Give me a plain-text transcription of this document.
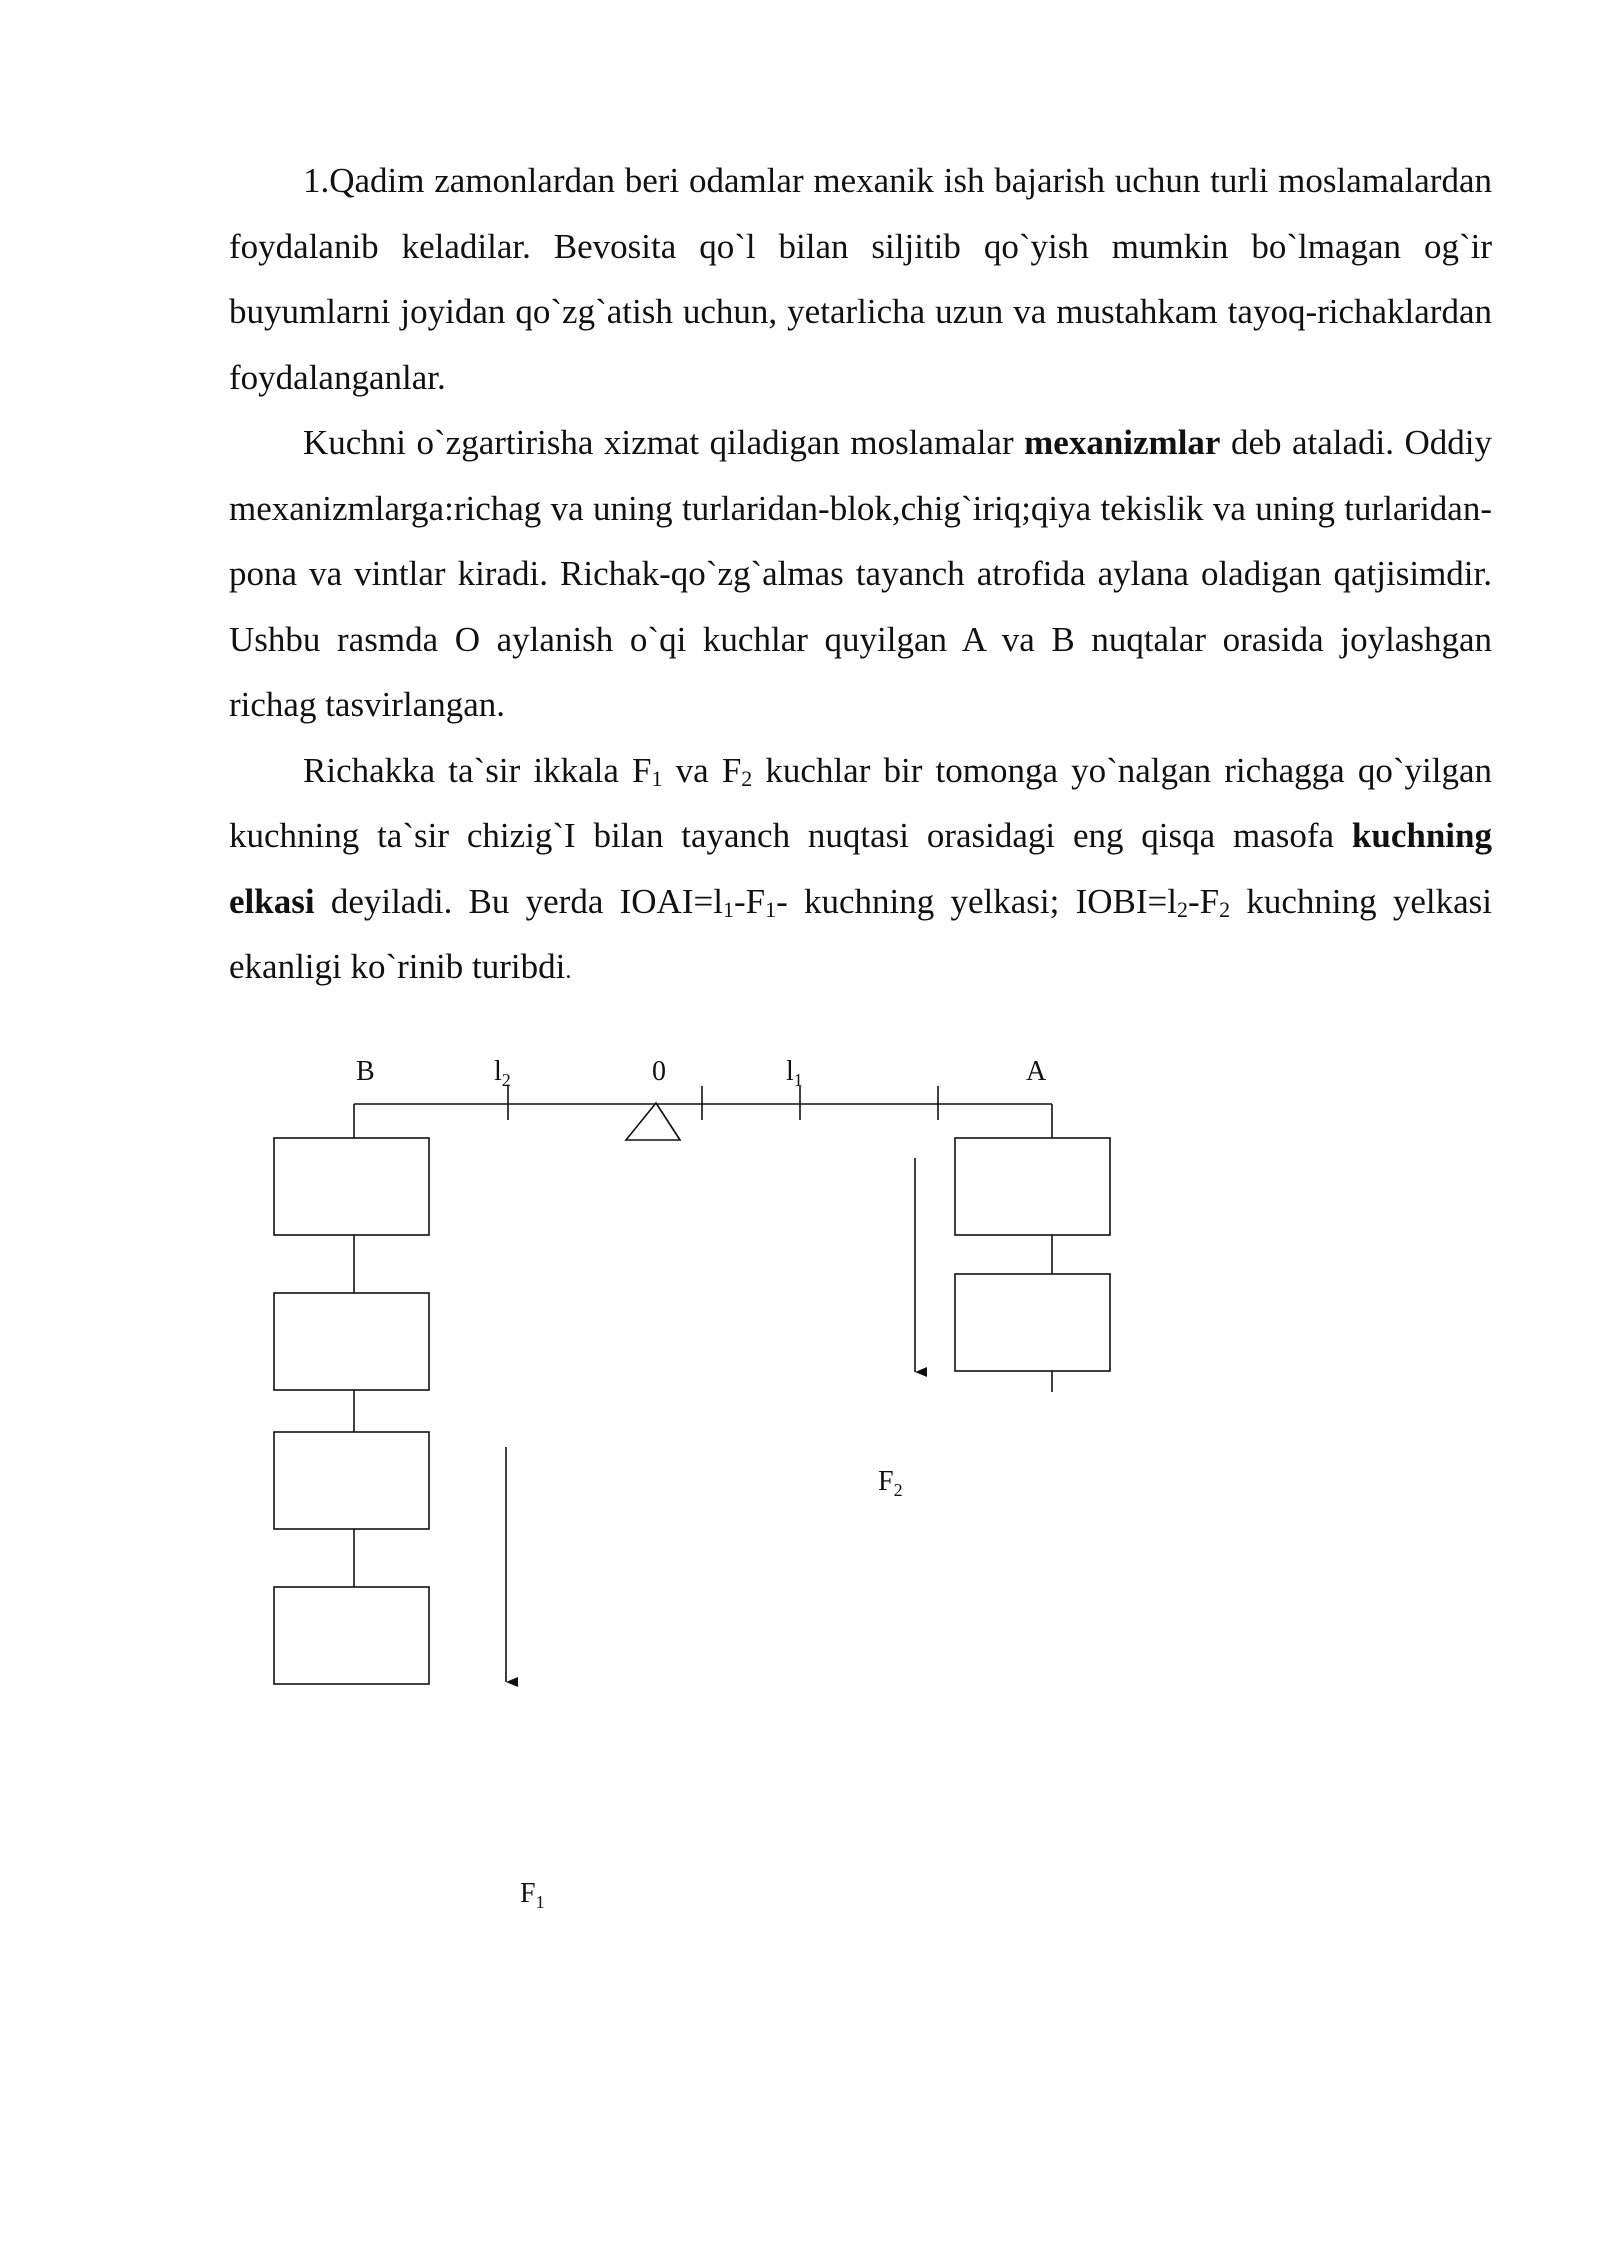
1.Qadim zamonlardan beri odamlar mexanik ish bajarish uchun turli moslamalardan foydalanib keladilar. Bevosita qo`l bilan siljitib qo`yish mumkin bo`lmagan og`ir buyumlarni joyidan qo`zg`atish uchun, yetarlicha uzun va mustahkam tayoq-richaklardan foydalanganlar.

Kuchni o`zgartirisha xizmat qiladigan moslamalar mexanizmlar deb ataladi. Oddiy mexanizmlarga:richag va uning turlaridan-blok,chig`iriq;qiya tekislik va uning turlaridan-pona va vintlar kiradi. Richak-qo`zg`almas tayanch atrofida aylana oladigan qatjisimdir. Ushbu rasmda O aylanish o`qi kuchlar quyilgan A va B nuqtalar orasida joylashgan richag tasvirlangan.

Richakka ta`sir ikkala $F_1$ va $F_2$ kuchlar bir tomonga yo`nalgan richagga qo`yilgan kuchning ta`sir chizig`I bilan tayanch nuqtasi orasidagi eng qisqa masofa kuchning elkasi deyiladi. Bu yerda $IOAI=l_1-F_1-$ kuchning yelkasi; $IOBI=l_2-F_2$ kuchning yelkasi ekanligi ko`rinib turibdi.

B	$l_2$	0	$l_1$	A
$F_2$
$F_1$
